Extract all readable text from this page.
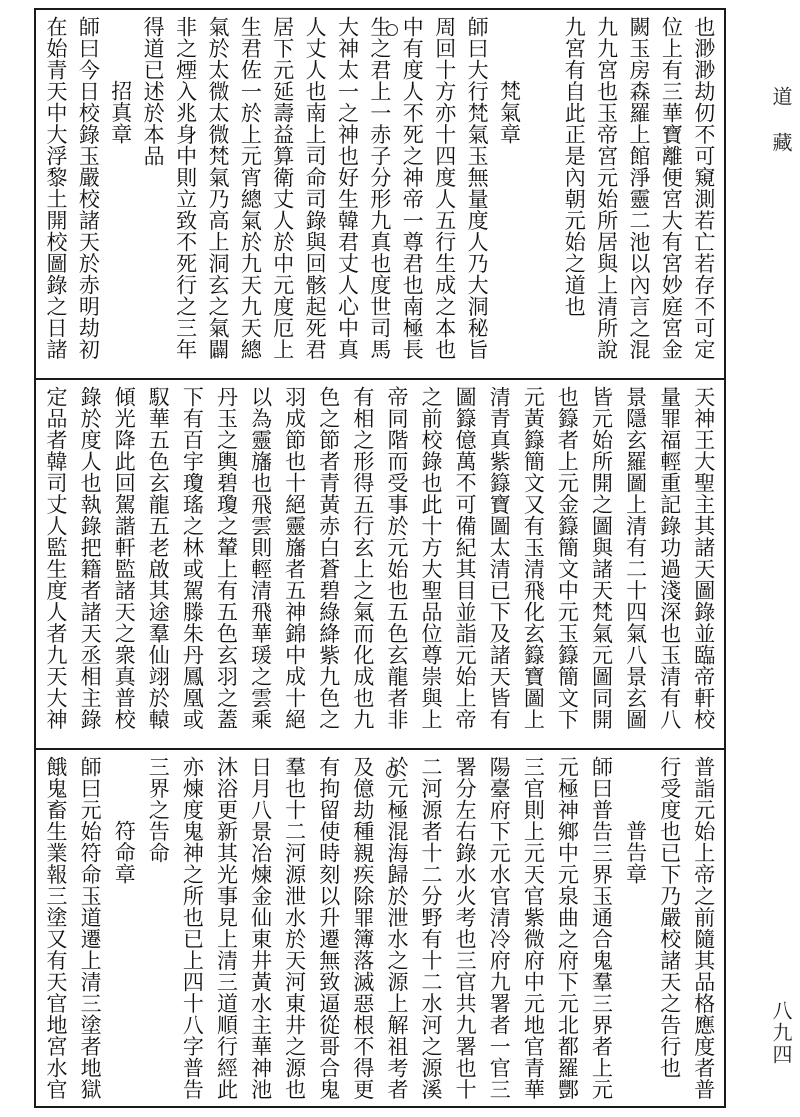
也渺渺劫仞不可窺測若亡若存不可定
位上有三華寶離便宮大有宮妙庭宮金
闕玉房森羅上館淨靈二池以內言之混
九九宮也玉帝宮元始所居與上清所說
九宮有自此正是內朝元始之道也
梵氣章
師曰大行梵氣玉無量度人乃大洞秘旨
周回十方亦十四度人五行生成之本也
中有度人不死之神帝一尊君也南極長
生之君上一赤子分形九真也度世司馬
大神太一之神也好生韓君丈人心中真
人丈人也南上司命司錄與回骸起死君
居下元延壽益算衛丈人於中元度厄上
生君佐一於上元宵總氣於九天九天總
氣於太微太微梵氣乃高上洞玄之氣闢
非之煙入兆身中則立致不死行之三年
得道已述於本品
招真章
師曰今日校錄玉嚴校諸天於赤明劫初
在始青天中大浮黎土開校圖錄之日諸
天神王大聖主其諸天圖錄並臨帝軒校
量罪福輕重記錄功過淺深也玉清有八
景隱玄羅圖上清有二十四氣八景玄圖
皆元始所開之圖與諸天梵氣元圖同開
也籙者上元金籙簡文中元玉籙簡文下
元黃籙簡文又有玉清飛化玄籙寶圖上
清青真紫籙寶圖太清已下及諸天皆有
圖籙億萬不可備紀其目並詣元始上帝
之前校錄也此十方大聖品位尊崇與上
帝同階而受事於元始也五色玄龍者非
有相之形得五行玄上之氣而化成也九
色之節者青黃赤白蒼碧綠絳紫九色之
羽成節也十絕靈旛者五神錦中成十絕
以為靈旛也飛雲則輕清飛華瑗之雲乘
丹玉之輿碧瓊之輦上有五色玄羽之蓋
下有百宇瓊瑤之林或駕滕朱丹鳳凰或
馭華五色玄龍五老啟其途羣仙翊於轅
傾光降此回駕諧軒監諸天之衆真普校
錄於度人也執錄把籍者諸天丞相主錄
定品者韓司丈人監生度人者九天大神
普詣元始上帝之前隨其品格應度者普
行受度也已下乃嚴校諸天之告行也
普告章
師曰普告三界玉通合鬼羣三界者上元
元極神鄉中元泉曲之府下元北都羅酆
三官則上元天官紫微府中元地官青華
陽臺府下元水官清冷府九署者一官三
署分左右錄水火考也三官共九署也十
二河源者十二分野有十二水河之源溪
於元極混海歸於泄水之源上解祖考者
及億劫種親疾除罪簿落滅惡根不得更
有拘留使時刻以升遷無致逼從哥合鬼
羣也十二河源泄水於天河東井之源也
日月八景冶煉金仙東井黃水主華神池
沐浴更新其光事見上清三道順行經此
亦煉度鬼神之所也已上四十八字普告
三界之告命
符命章
師曰元始符命玉道遷上清三塗者地獄
餓鬼畜生業報三塗又有天官地宮水官
道藏
八九四
